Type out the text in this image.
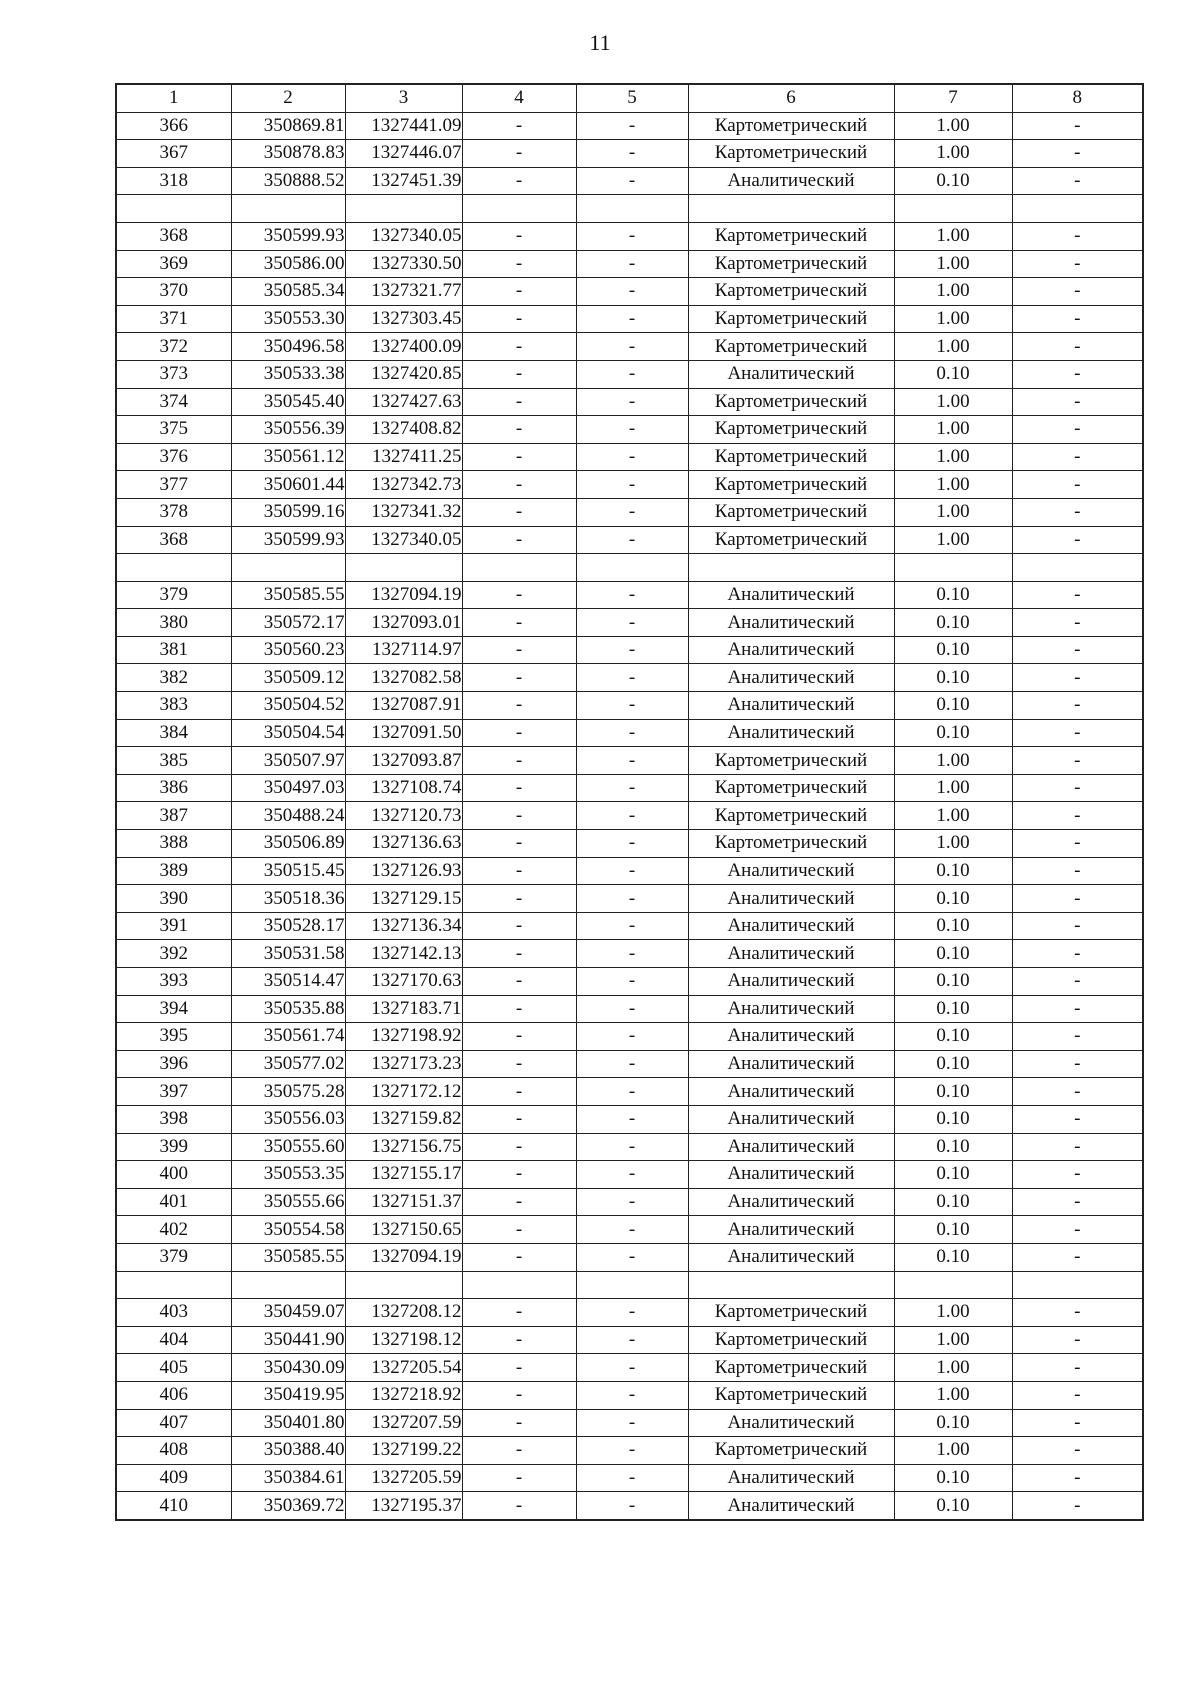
11
1	2	3	4	5	6	7	8
366	350869.81	1327441.09	-	-	Картометрический	1.00	-
367	350878.83	1327446.07	-	-	Картометрический	1.00	-
318	350888.52	1327451.39	-	-	Аналитический	0.10	-

368	350599.93	1327340.05	-	-	Картометрический	1.00	-
369	350586.00	1327330.50	-	-	Картометрический	1.00	-
370	350585.34	1327321.77	-	-	Картометрический	1.00	-
371	350553.30	1327303.45	-	-	Картометрический	1.00	-
372	350496.58	1327400.09	-	-	Картометрический	1.00	-
373	350533.38	1327420.85	-	-	Аналитический	0.10	-
374	350545.40	1327427.63	-	-	Картометрический	1.00	-
375	350556.39	1327408.82	-	-	Картометрический	1.00	-
376	350561.12	1327411.25	-	-	Картометрический	1.00	-
377	350601.44	1327342.73	-	-	Картометрический	1.00	-
378	350599.16	1327341.32	-	-	Картометрический	1.00	-
368	350599.93	1327340.05	-	-	Картометрический	1.00	-

379	350585.55	1327094.19	-	-	Аналитический	0.10	-
380	350572.17	1327093.01	-	-	Аналитический	0.10	-
381	350560.23	1327114.97	-	-	Аналитический	0.10	-
382	350509.12	1327082.58	-	-	Аналитический	0.10	-
383	350504.52	1327087.91	-	-	Аналитический	0.10	-
384	350504.54	1327091.50	-	-	Аналитический	0.10	-
385	350507.97	1327093.87	-	-	Картометрический	1.00	-
386	350497.03	1327108.74	-	-	Картометрический	1.00	-
387	350488.24	1327120.73	-	-	Картометрический	1.00	-
388	350506.89	1327136.63	-	-	Картометрический	1.00	-
389	350515.45	1327126.93	-	-	Аналитический	0.10	-
390	350518.36	1327129.15	-	-	Аналитический	0.10	-
391	350528.17	1327136.34	-	-	Аналитический	0.10	-
392	350531.58	1327142.13	-	-	Аналитический	0.10	-
393	350514.47	1327170.63	-	-	Аналитический	0.10	-
394	350535.88	1327183.71	-	-	Аналитический	0.10	-
395	350561.74	1327198.92	-	-	Аналитический	0.10	-
396	350577.02	1327173.23	-	-	Аналитический	0.10	-
397	350575.28	1327172.12	-	-	Аналитический	0.10	-
398	350556.03	1327159.82	-	-	Аналитический	0.10	-
399	350555.60	1327156.75	-	-	Аналитический	0.10	-
400	350553.35	1327155.17	-	-	Аналитический	0.10	-
401	350555.66	1327151.37	-	-	Аналитический	0.10	-
402	350554.58	1327150.65	-	-	Аналитический	0.10	-
379	350585.55	1327094.19	-	-	Аналитический	0.10	-

403	350459.07	1327208.12	-	-	Картометрический	1.00	-
404	350441.90	1327198.12	-	-	Картометрический	1.00	-
405	350430.09	1327205.54	-	-	Картометрический	1.00	-
406	350419.95	1327218.92	-	-	Картометрический	1.00	-
407	350401.80	1327207.59	-	-	Аналитический	0.10	-
408	350388.40	1327199.22	-	-	Картометрический	1.00	-
409	350384.61	1327205.59	-	-	Аналитический	0.10	-
410	350369.72	1327195.37	-	-	Аналитический	0.10	-
